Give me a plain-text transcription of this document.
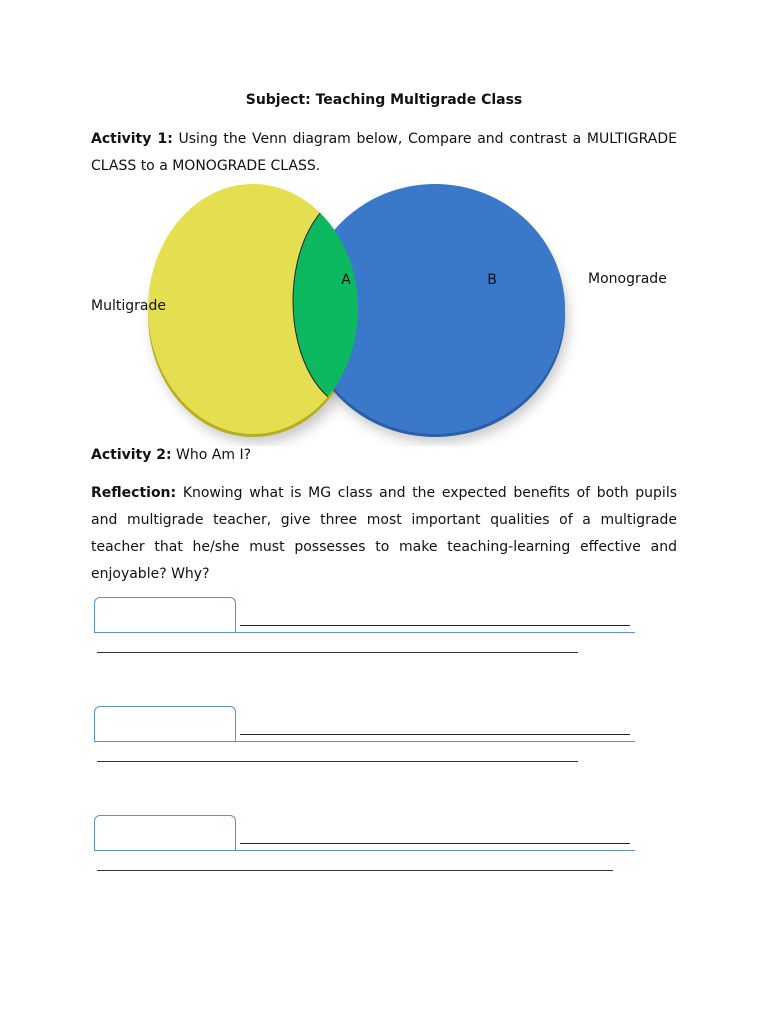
Subject: Teaching Multigrade Class
Activity 1: Using the Venn diagram below, Compare and contrast a MULTIGRADE CLASS to a MONOGRADE CLASS.
A	B
Multigrade
Monograde
Activity 2: Who Am I?
Reflection: Knowing what is MG class and the expected benefits of both pupils and multigrade teacher, give three most important qualities of a multigrade teacher that he/she must possesses to make teaching-learning effective and enjoyable? Why?
